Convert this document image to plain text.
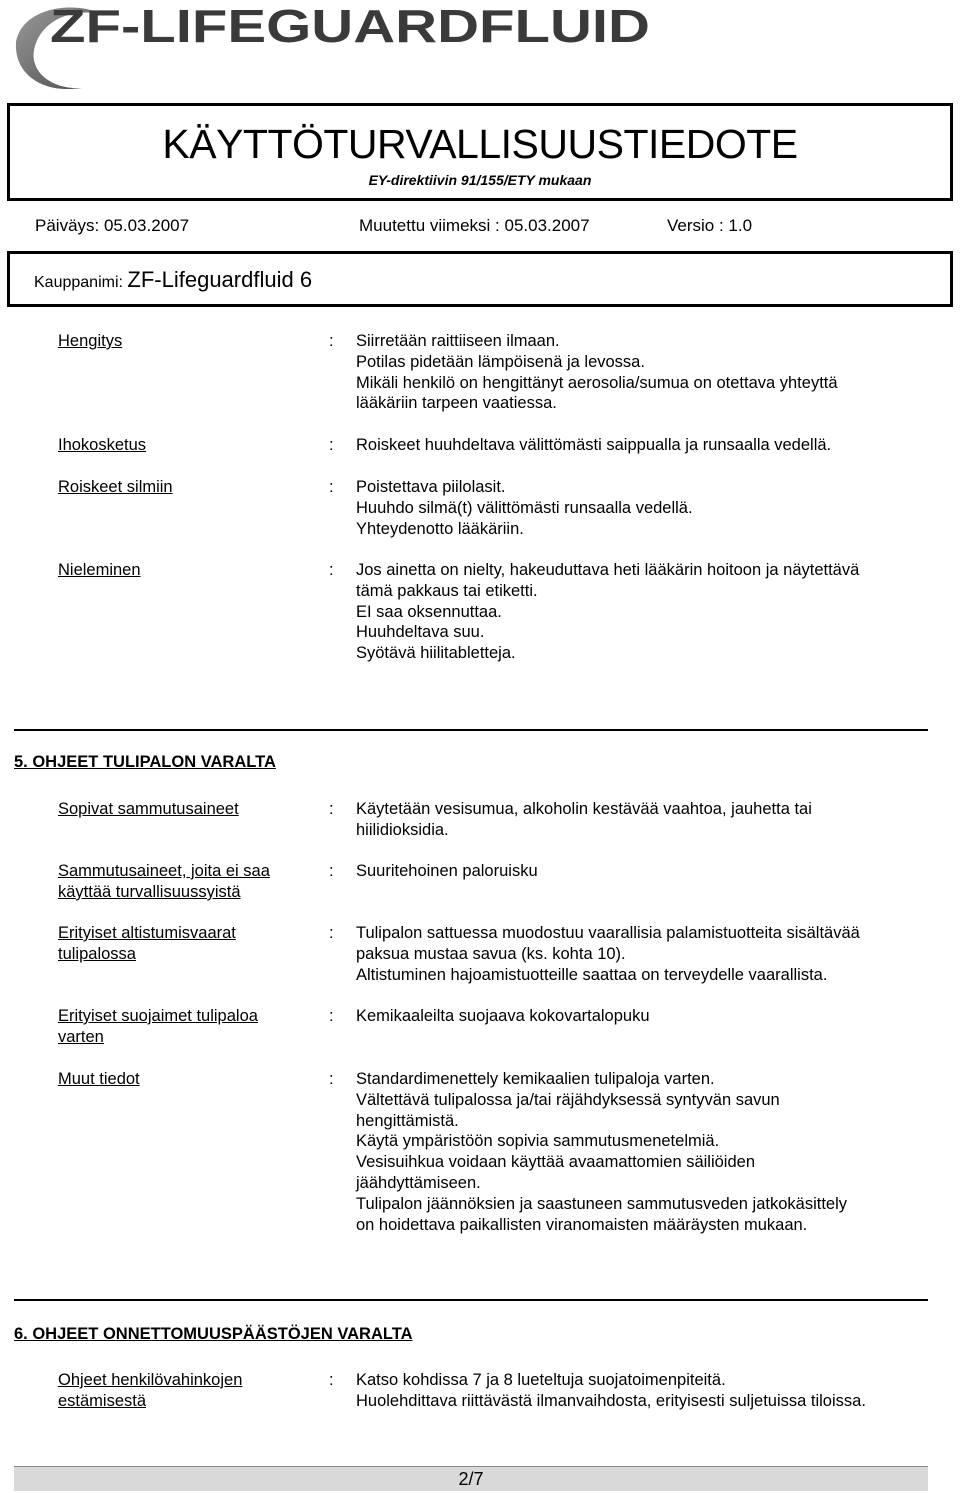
ZF-LIFEGUARDFLUID
KÄYTTÖTURVALLISUUSTIEDOTE
EY-direktiivin 91/155/ETY mukaan
Päiväys: 05.03.2007	Muutettu viimeksi : 05.03.2007	Versio : 1.0
Kauppanimi: ZF-Lifeguardfluid 6
Hengitys	: Siirretään raittiiseen ilmaan.
Potilas pidetään lämpöisenä ja levossa.
Mikäli henkilö on hengittänyt aerosolia/sumua on otettava yhteyttä
lääkäriin tarpeen vaatiessa.
Ihokosketus	: Roiskeet huuhdeltava välittömästi saippualla ja runsaalla vedellä.
Roiskeet silmiin	: Poistettava piilolasit.
Huuhdo silmä(t) välittömästi runsaalla vedellä.
Yhteydenotto lääkäriin.
Nieleminen	: Jos ainetta on nielty, hakeuduttava heti lääkärin hoitoon ja näytettävä
tämä pakkaus tai etiketti.
EI saa oksennuttaa.
Huuhdeltava suu.
Syötävä hiilitabletteja.
5. OHJEET TULIPALON VARALTA
Sopivat sammutusaineet	: Käytetään vesisumua, alkoholin kestävää vaahtoa, jauhetta tai
hiilidioksidia.
Sammutusaineet, joita ei saa
käyttää turvallisuussyistä
: Suuritehoinen paloruisku
Erityiset altistumisvaarat
tulipalossa
: Tulipalon sattuessa muodostuu vaarallisia palamistuotteita sisältävää
paksua mustaa savua (ks. kohta 10).
Altistuminen hajoamistuotteille saattaa on terveydelle vaarallista.
Erityiset suojaimet tulipaloa
varten
: Kemikaaleilta suojaava kokovartalopuku
Muut tiedot	: Standardimenettely kemikaalien tulipaloja varten.
Vältettävä tulipalossa ja/tai räjähdyksessä syntyvän savun
hengittämistä.
Käytä ympäristöön sopivia sammutusmenetelmiä.
Vesisuihkua voidaan käyttää avaamattomien säiliöiden
jäähdyttämiseen.
Tulipalon jäännöksien ja saastuneen sammutusveden jatkokäsittely
on hoidettava paikallisten viranomaisten määräysten mukaan.
6. OHJEET ONNETTOMUUSPÄÄSTÖJEN VARALTA
Ohjeet henkilövahinkojen
estämisestä
: Katso kohdissa 7 ja 8 lueteltuja suojatoimenpiteitä.
Huolehdittava riittävästä ilmanvaihdosta, erityisesti suljetuissa tiloissa.
2/7
